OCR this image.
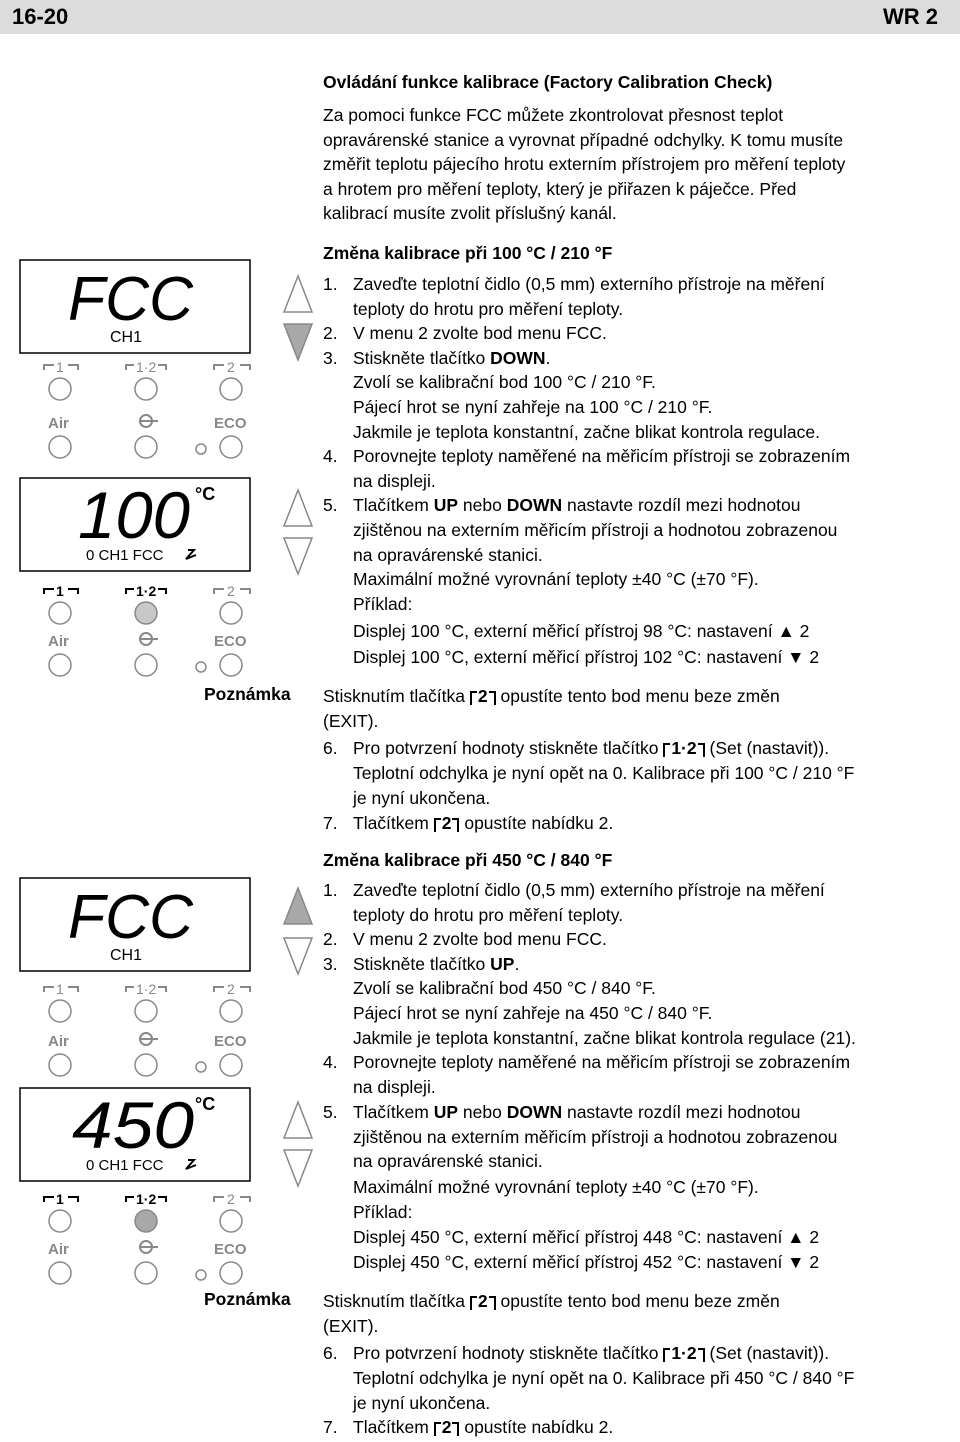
16-20	WR 2
Ovládání funkce kalibrace (Factory Calibration Check)
Za pomoci funkce FCC můžete zkontrolovat přesnost teplot
opravárenské stanice a vyrovnat případné odchylky. K tomu musíte
změřit teplotu pájecího hrotu externím přístrojem pro měření teploty
a hrotem pro měření teploty, který je přiřazen k páječce. Před
kalibrací musíte zvolit příslušný kanál.
Změna kalibrace při 100 °C / 210 °F
1. Zaveďte teplotní čidlo (0,5 mm) externího přístroje na měření
teploty do hrotu pro měření teploty.
2. V menu 2 zvolte bod menu FCC.
3. Stiskněte tlačítko DOWN.
Zvolí se kalibrační bod 100 °C / 210 °F.
Pájecí hrot se nyní zahřeje na 100 °C / 210 °F.
Jakmile je teplota konstantní, začne blikat kontrola regulace.
4. Porovnejte teploty naměřené na měřicím přístroji se zobrazením
na displeji.
5. Tlačítkem UP nebo DOWN nastavte rozdíl mezi hodnotou
zjištěnou na externím měřicím přístroji a hodnotou zobrazenou
na opravárenské stanici.
Maximální možné vyrovnání teploty ±40 °C (±70 °F).
Příklad:
Displej 100 °C, externí měřicí přístroj 98 °C: nastavení ▲ 2
Displej 100 °C, externí měřicí přístroj 102 °C: nastavení ▼ 2
Poznámka Stisknutím tlačítka 2 opustíte tento bod menu beze změn
(EXIT).
6. Pro potvrzení hodnoty stiskněte tlačítko 1·2 (Set (nastavit)).
Teplotní odchylka je nyní opět na 0. Kalibrace při 100 °C / 210 °F
je nyní ukončena.
7. Tlačítkem 2 opustíte nabídku 2.
Změna kalibrace při 450 °C / 840 °F
1. Zaveďte teplotní čidlo (0,5 mm) externího přístroje na měření
teploty do hrotu pro měření teploty.
2. V menu 2 zvolte bod menu FCC.
3. Stiskněte tlačítko UP.
Zvolí se kalibrační bod 450 °C / 840 °F.
Pájecí hrot se nyní zahřeje na 450 °C / 840 °F.
Jakmile je teplota konstantní, začne blikat kontrola regulace (21).
4. Porovnejte teploty naměřené na měřicím přístroji se zobrazením
na displeji.
5. Tlačítkem UP nebo DOWN nastavte rozdíl mezi hodnotou
zjištěnou na externím měřicím přístroji a hodnotou zobrazenou
na opravárenské stanici.
Maximální možné vyrovnání teploty ±40 °C (±70 °F).
Příklad:
Displej 450 °C, externí měřicí přístroj 448 °C: nastavení ▲ 2
Displej 450 °C, externí měřicí přístroj 452 °C: nastavení ▼ 2
Poznámka Stisknutím tlačítka 2 opustíte tento bod menu beze změn
(EXIT).
6. Pro potvrzení hodnoty stiskněte tlačítko 1·2 (Set (nastavit)).
Teplotní odchylka je nyní opět na 0. Kalibrace při 450 °C / 840 °F
je nyní ukončena.
7. Tlačítkem 2 opustíte nabídku 2.
FCC
CH1
1	1·2	2
Air	ECO
100 °C
0 CH1 FCC
1	1·2	2
Air	ECO
FCC
CH1
1	1·2	2
Air	ECO
450 °C
0 CH1 FCC
1	1·2	2
Air	ECO
